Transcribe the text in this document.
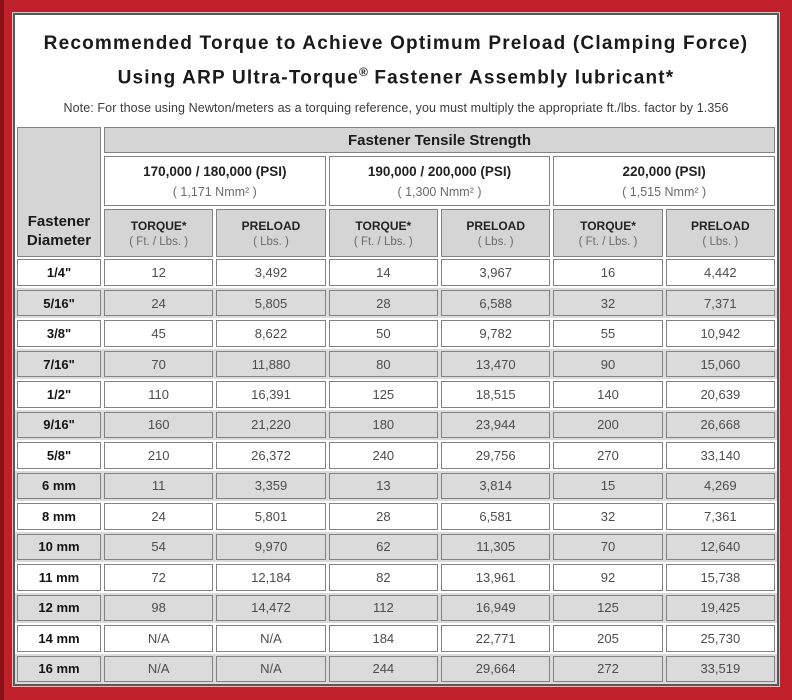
Recommended Torque to Achieve Optimum Preload (Clamping Force)
Using ARP Ultra-Torque® Fastener Assembly lubricant*
Note: For those using Newton/meters as a torquing reference, you must multiply the appropriate ft./lbs. factor by 1.356
Fastener Diameter
Fastener Tensile Strength
170,000 / 180,000 (PSI)
( 1,171 Nmm² )
190,000 / 200,000 (PSI)
( 1,300 Nmm² )
220,000 (PSI)
( 1,515 Nmm² )
TORQUE*
( Ft. / Lbs. )
PRELOAD
( Lbs. )
TORQUE*
( Ft. / Lbs. )
PRELOAD
( Lbs. )
TORQUE*
( Ft. / Lbs. )
PRELOAD
( Lbs. )
1/4"	12	3,492	14	3,967	16	4,442
5/16"	24	5,805	28	6,588	32	7,371
3/8"	45	8,622	50	9,782	55	10,942
7/16"	70	11,880	80	13,470	90	15,060
1/2"	110	16,391	125	18,515	140	20,639
9/16"	160	21,220	180	23,944	200	26,668
5/8"	210	26,372	240	29,756	270	33,140
6 mm	11	3,359	13	3,814	15	4,269
8 mm	24	5,801	28	6,581	32	7,361
10 mm	54	9,970	62	11,305	70	12,640
11 mm	72	12,184	82	13,961	92	15,738
12 mm	98	14,472	112	16,949	125	19,425
14 mm	N/A	N/A	184	22,771	205	25,730
16 mm	N/A	N/A	244	29,664	272	33,519
